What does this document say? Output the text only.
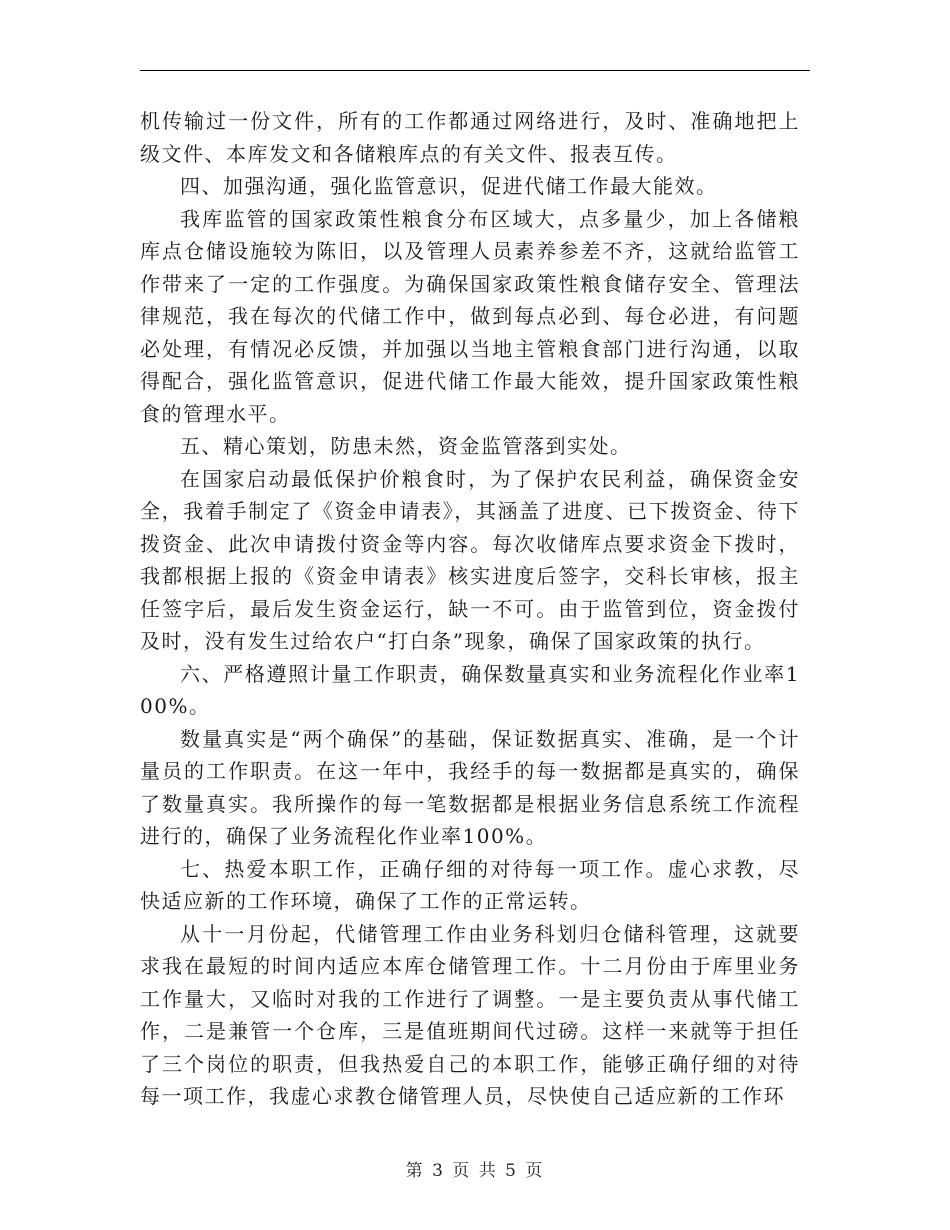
机传输过一份文件，所有的工作都通过网络进行，及时、准确地把上级文件、本库发文和各储粮库点的有关文件、报表互传。

四、加强沟通，强化监管意识，促进代储工作最大能效。

我库监管的国家政策性粮食分布区域大，点多量少，加上各储粮库点仓储设施较为陈旧，以及管理人员素养参差不齐，这就给监管工作带来了一定的工作强度。为确保国家政策性粮食储存安全、管理法律规范，我在每次的代储工作中，做到每点必到、每仓必进，有问题必处理，有情况必反馈，并加强以当地主管粮食部门进行沟通，以取得配合，强化监管意识，促进代储工作最大能效，提升国家政策性粮食的管理水平。

五、精心策划，防患未然，资金监管落到实处。

在国家启动最低保护价粮食时，为了保护农民利益，确保资金安全，我着手制定了《资金申请表》，其涵盖了进度、已下拨资金、待下拨资金、此次申请拨付资金等内容。每次收储库点要求资金下拨时，我都根据上报的《资金申请表》核实进度后签字，交科长审核，报主任签字后，最后发生资金运行，缺一不可。由于监管到位，资金拨付及时，没有发生过给农户“打白条”现象，确保了国家政策的执行。

六、严格遵照计量工作职责，确保数量真实和业务流程化作业率100%。

数量真实是“两个确保”的基础，保证数据真实、准确，是一个计量员的工作职责。在这一年中，我经手的每一数据都是真实的，确保了数量真实。我所操作的每一笔数据都是根据业务信息系统工作流程进行的，确保了业务流程化作业率100%。

七、热爱本职工作，正确仔细的对待每一项工作。虚心求教，尽快适应新的工作环境，确保了工作的正常运转。

从十一月份起，代储管理工作由业务科划归仓储科管理，这就要求我在最短的时间内适应本库仓储管理工作。十二月份由于库里业务工作量大，又临时对我的工作进行了调整。一是主要负责从事代储工作，二是兼管一个仓库，三是值班期间代过磅。这样一来就等于担任了三个岗位的职责，但我热爱自己的本职工作，能够正确仔细的对待每一项工作，我虚心求教仓储管理人员，尽快使自己适应新的工作环

第 3 页 共 5 页
